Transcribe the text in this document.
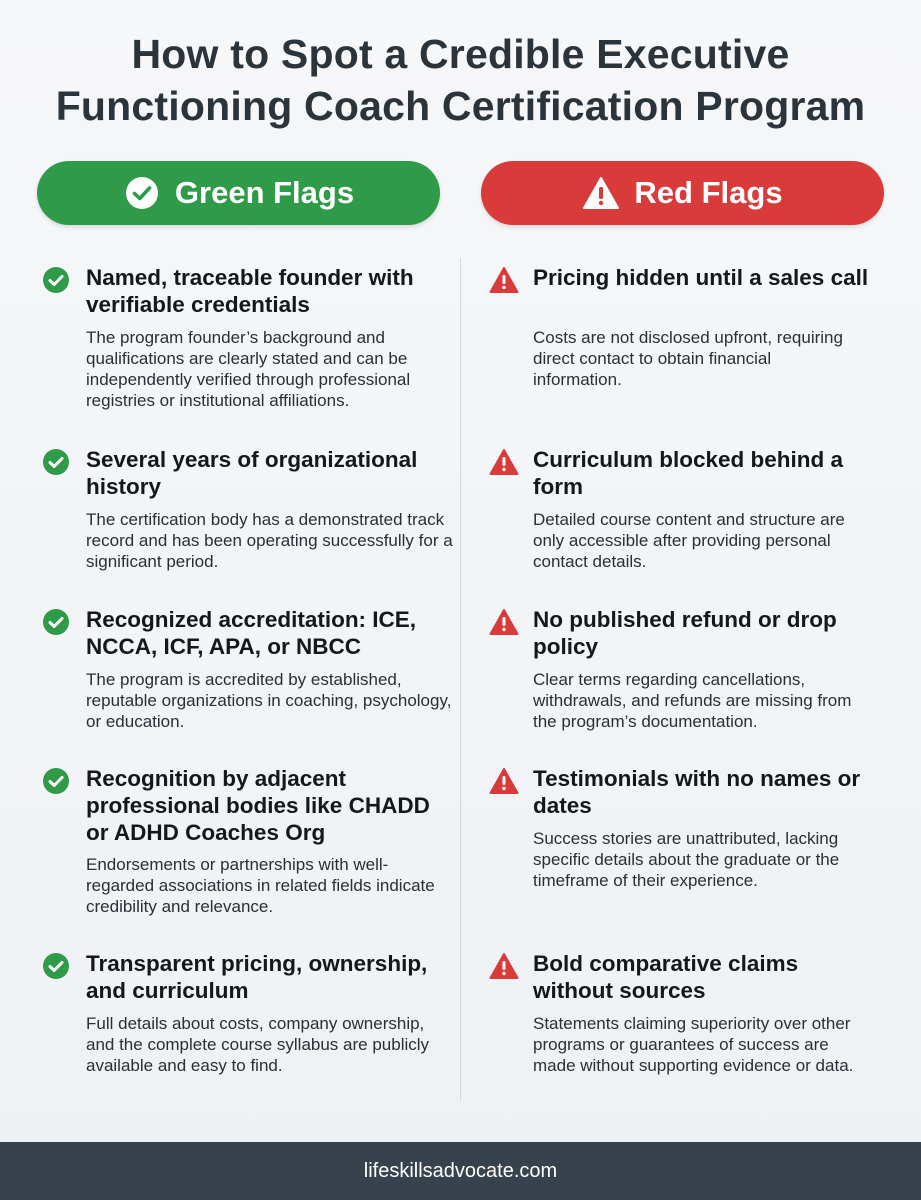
How to Spot a Credible Executive
Functioning Coach Certification Program
Green Flags	Red Flags
Named, traceable founder with verifiable credentials
The program founder’s background and qualifications are clearly stated and can be independently verified through professional registries or institutional affiliations.
Several years of organizational history
The certification body has a demonstrated track record and has been operating successfully for a significant period.
Recognized accreditation: ICE, NCCA, ICF, APA, or NBCC
The program is accredited by established, reputable organizations in coaching, psychology, or education.
Recognition by adjacent professional bodies like CHADD or ADHD Coaches Org
Endorsements or partnerships with well-regarded associations in related fields indicate credibility and relevance.
Transparent pricing, ownership, and curriculum
Full details about costs, company ownership, and the complete course syllabus are publicly available and easy to find.
Pricing hidden until a sales call
Costs are not disclosed upfront, requiring direct contact to obtain financial information.
Curriculum blocked behind a form
Detailed course content and structure are only accessible after providing personal contact details.
No published refund or drop policy
Clear terms regarding cancellations, withdrawals, and refunds are missing from the program’s documentation.
Testimonials with no names or dates
Success stories are unattributed, lacking specific details about the graduate or the timeframe of their experience.
Bold comparative claims without sources
Statements claiming superiority over other programs or guarantees of success are made without supporting evidence or data.
lifeskillsadvocate.com
